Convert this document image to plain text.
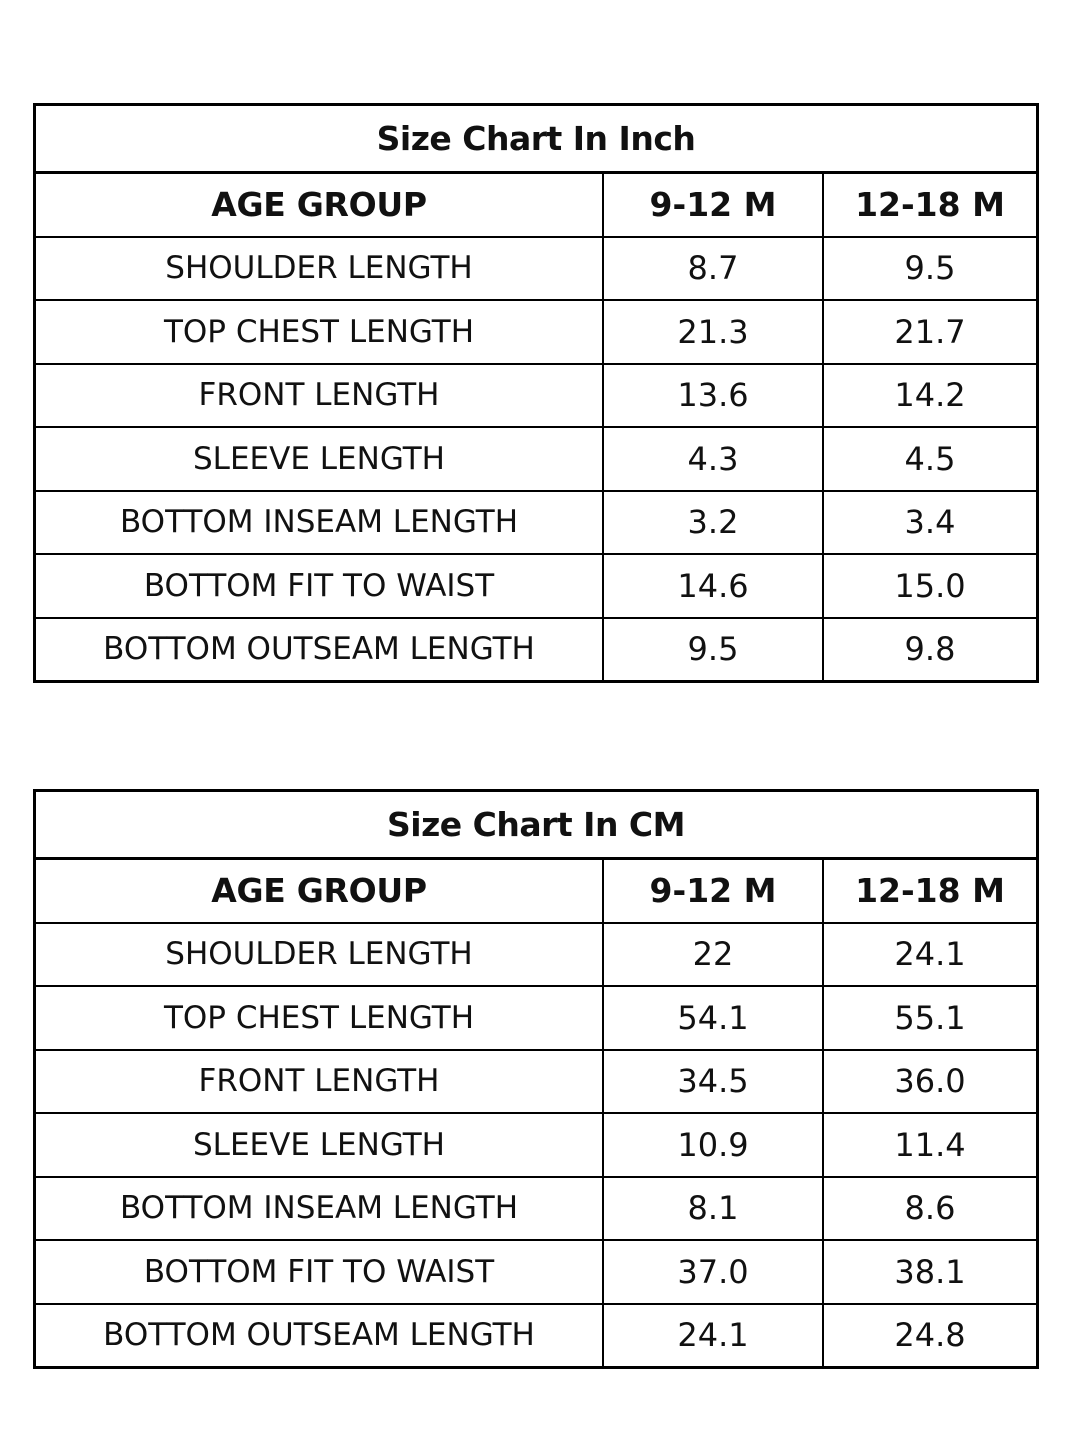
Size Chart In Inch
AGE GROUP	9-12 M	12-18 M
SHOULDER LENGTH	8.7	9.5
TOP CHEST LENGTH	21.3	21.7
FRONT LENGTH	13.6	14.2
SLEEVE LENGTH	4.3	4.5
BOTTOM INSEAM LENGTH	3.2	3.4
BOTTOM FIT TO WAIST	14.6	15.0
BOTTOM OUTSEAM LENGTH	9.5	9.8
Size Chart In CM
AGE GROUP	9-12 M	12-18 M
SHOULDER LENGTH	22	24.1
TOP CHEST LENGTH	54.1	55.1
FRONT LENGTH	34.5	36.0
SLEEVE LENGTH	10.9	11.4
BOTTOM INSEAM LENGTH	8.1	8.6
BOTTOM FIT TO WAIST	37.0	38.1
BOTTOM OUTSEAM LENGTH	24.1	24.8
